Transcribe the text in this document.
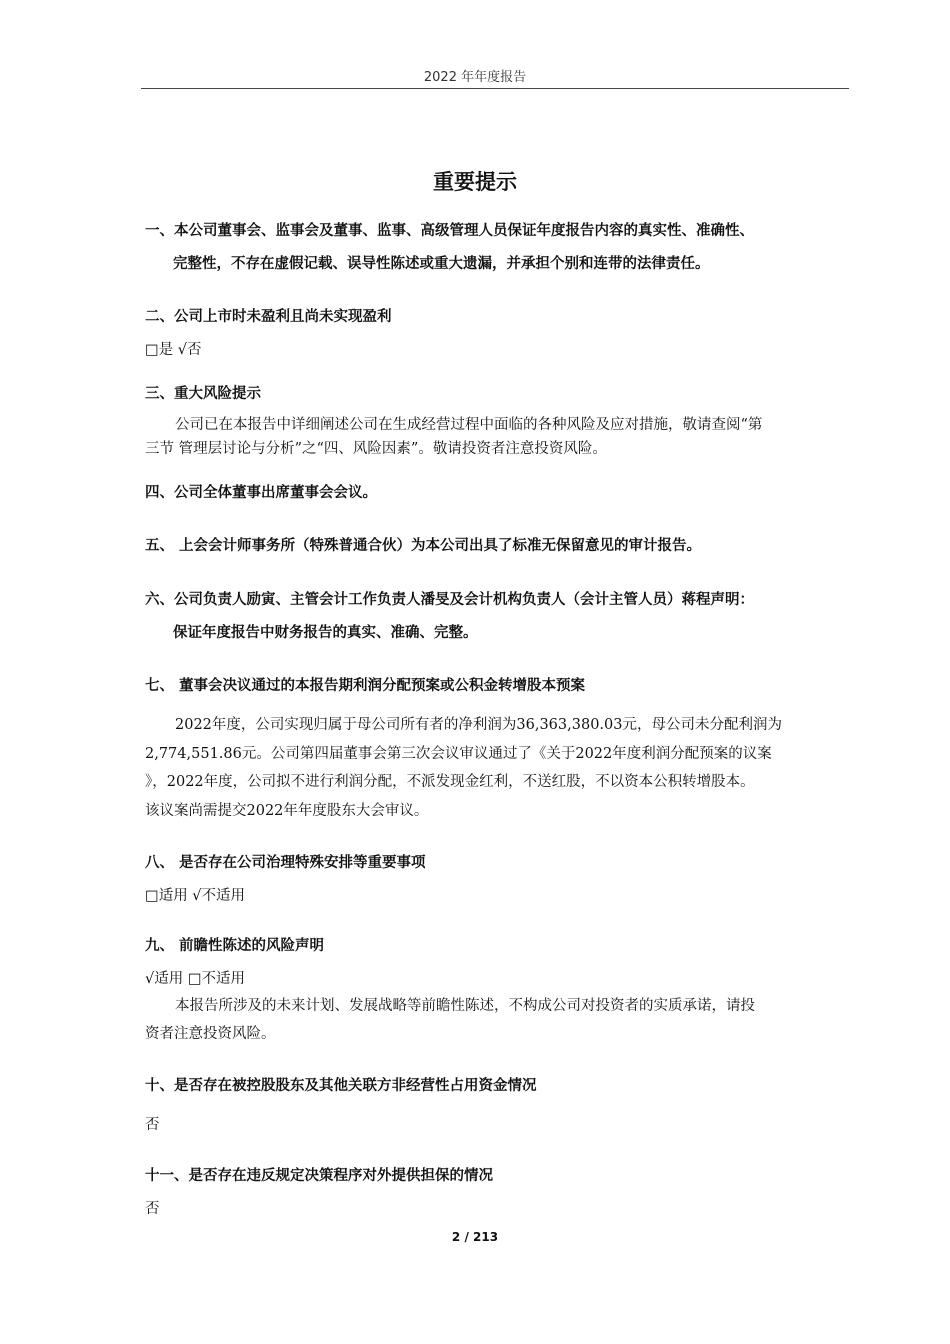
2022 年年度报告
重要提示
一、本公司董事会、监事会及董事、监事、高级管理人员保证年度报告内容的真实性、准确性、
完整性，不存在虚假记载、误导性陈述或重大遗漏，并承担个别和连带的法律责任。
二、公司上市时未盈利且尚未实现盈利
□是 √否
三、重大风险提示
公司已在本报告中详细阐述公司在生成经营过程中面临的各种风险及应对措施，敬请查阅“第
三节 管理层讨论与分析”之“四、风险因素”。敬请投资者注意投资风险。
四、公司全体董事出席董事会会议。
五、 上会会计师事务所（特殊普通合伙）为本公司出具了标准无保留意见的审计报告。
六、公司负责人励寅、主管会计工作负责人潘旻及会计机构负责人（会计主管人员）蒋程声明：
保证年度报告中财务报告的真实、准确、完整。
七、 董事会决议通过的本报告期利润分配预案或公积金转增股本预案
2022年度，公司实现归属于母公司所有者的净利润为36,363,380.03元，母公司未分配利润为
2,774,551.86元。公司第四届董事会第三次会议审议通过了《关于2022年度利润分配预案的议案
》，2022年度，公司拟不进行利润分配，不派发现金红利，不送红股，不以资本公积转增股本。
该议案尚需提交2022年年度股东大会审议。
八、 是否存在公司治理特殊安排等重要事项
□适用 √不适用
九、 前瞻性陈述的风险声明
√适用 □不适用
本报告所涉及的未来计划、发展战略等前瞻性陈述，不构成公司对投资者的实质承诺，请投
资者注意投资风险。
十、是否存在被控股股东及其他关联方非经营性占用资金情况
否
十一、是否存在违反规定决策程序对外提供担保的情况
否
2 / 213
